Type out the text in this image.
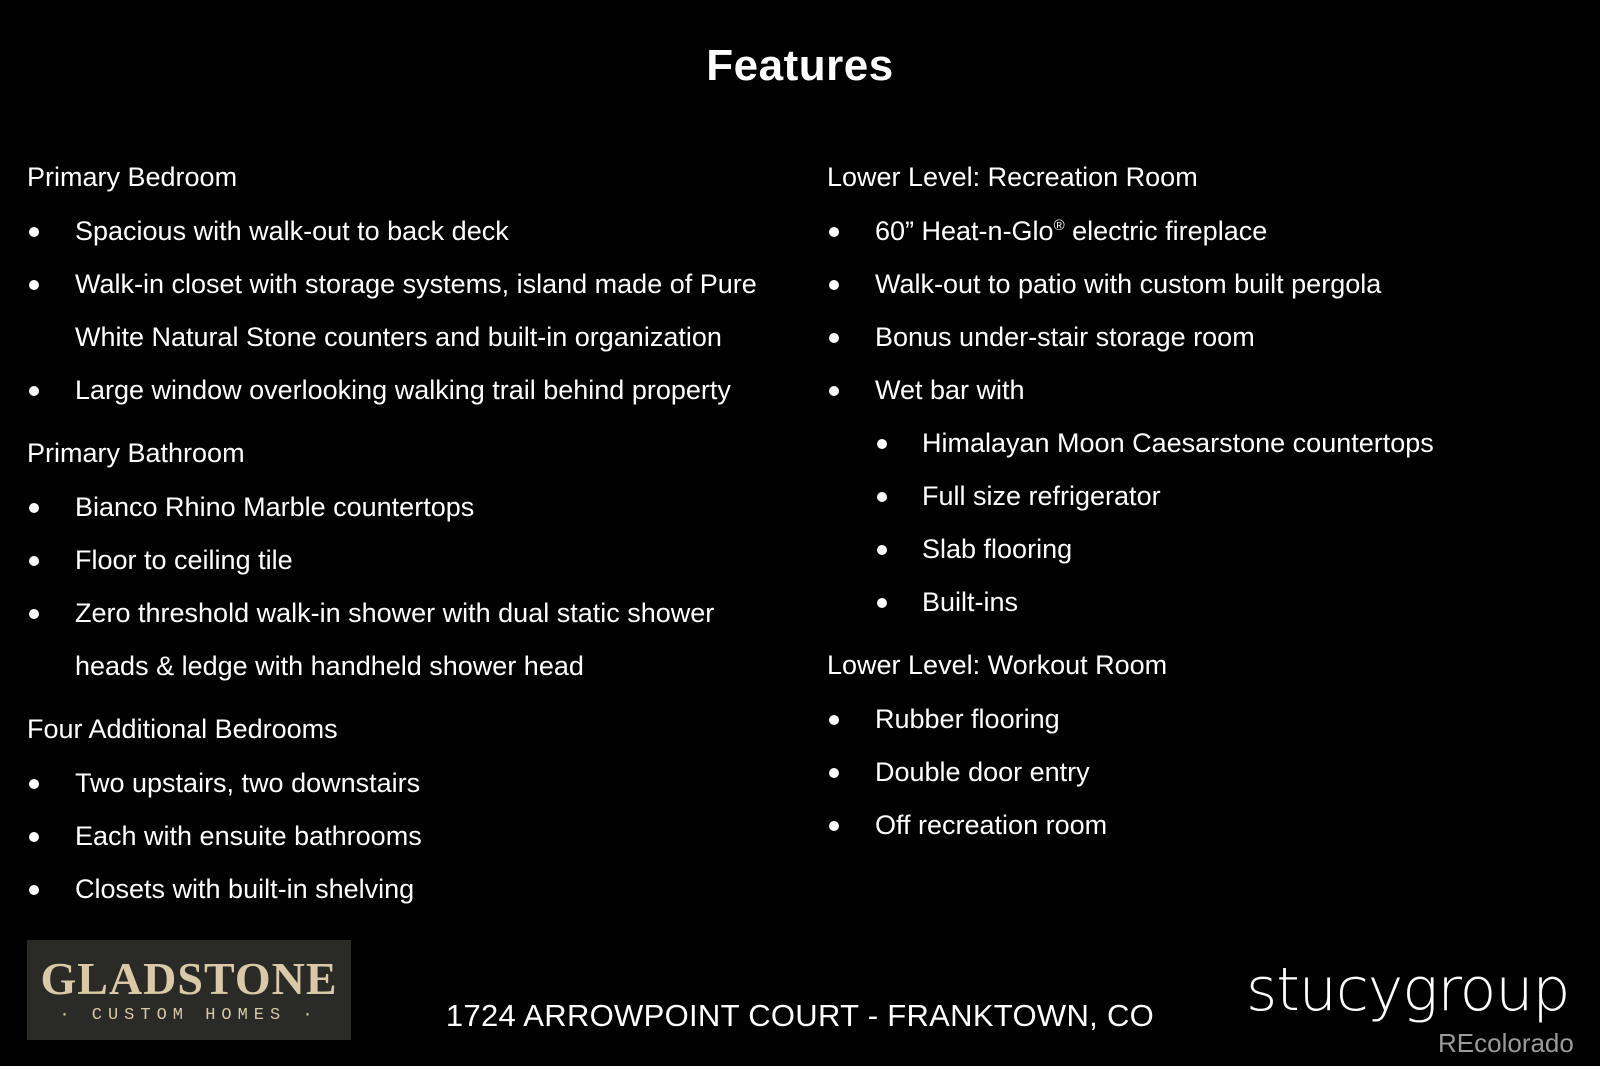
Features
Primary Bedroom
Spacious with walk-out to back deck
Walk-in closet with storage systems, island made of Pure White Natural Stone counters and built-in organization
Large window overlooking walking trail behind property
Primary Bathroom
Bianco Rhino Marble countertops
Floor to ceiling tile
Zero threshold walk-in shower with dual static shower heads & ledge with handheld shower head
Four Additional Bedrooms
Two upstairs, two downstairs
Each with ensuite bathrooms
Closets with built-in shelving
Lower Level: Recreation Room
60” Heat-n-Glo® electric fireplace
Walk-out to patio with custom built pergola
Bonus under-stair storage room
Wet bar with
Himalayan Moon Caesarstone countertops
Full size refrigerator
Slab flooring
Built-ins
Lower Level: Workout Room
Rubber flooring
Double door entry
Off recreation room
GLADSTONE
· CUSTOM HOMES ·	1724 ARROWPOINT COURT - FRANKTOWN, CO	stucygroup
REcolorado
